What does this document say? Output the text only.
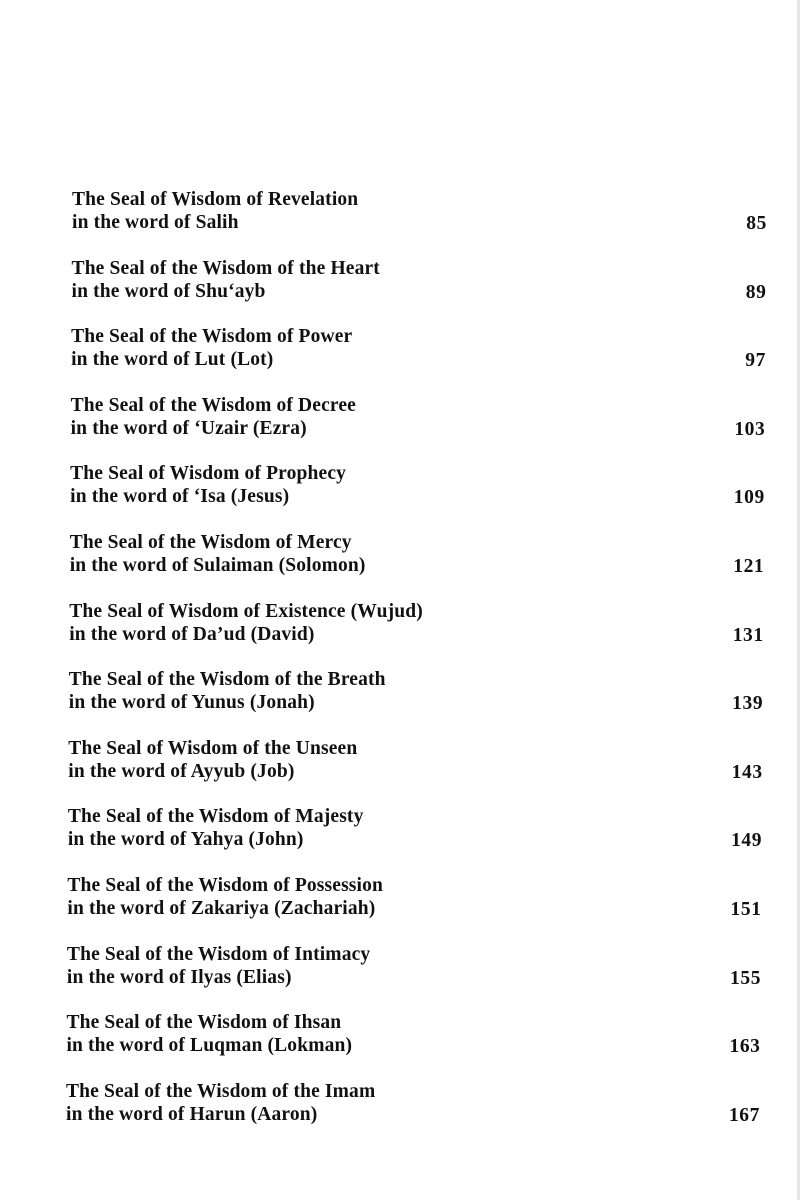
The Seal of Wisdom of Revelation
in the word of Salih	85
The Seal of the Wisdom of the Heart
in the word of Shu‘ayb	89
The Seal of the Wisdom of Power
in the word of Lut (Lot)	97
The Seal of the Wisdom of Decree
in the word of ‘Uzair (Ezra)	103
The Seal of Wisdom of Prophecy
in the word of ‘Isa (Jesus)	109
The Seal of the Wisdom of Mercy
in the word of Sulaiman (Solomon)	121
The Seal of Wisdom of Existence (Wujud)
in the word of Da’ud (David)	131
The Seal of the Wisdom of the Breath
in the word of Yunus (Jonah)	139
The Seal of Wisdom of the Unseen
in the word of Ayyub (Job)	143
The Seal of the Wisdom of Majesty
in the word of Yahya (John)	149
The Seal of the Wisdom of Possession
in the word of Zakariya (Zachariah)	151
The Seal of the Wisdom of Intimacy
in the word of Ilyas (Elias)	155
The Seal of the Wisdom of Ihsan
in the word of Luqman (Lokman)	163
The Seal of the Wisdom of the Imam
in the word of Harun (Aaron)	167
